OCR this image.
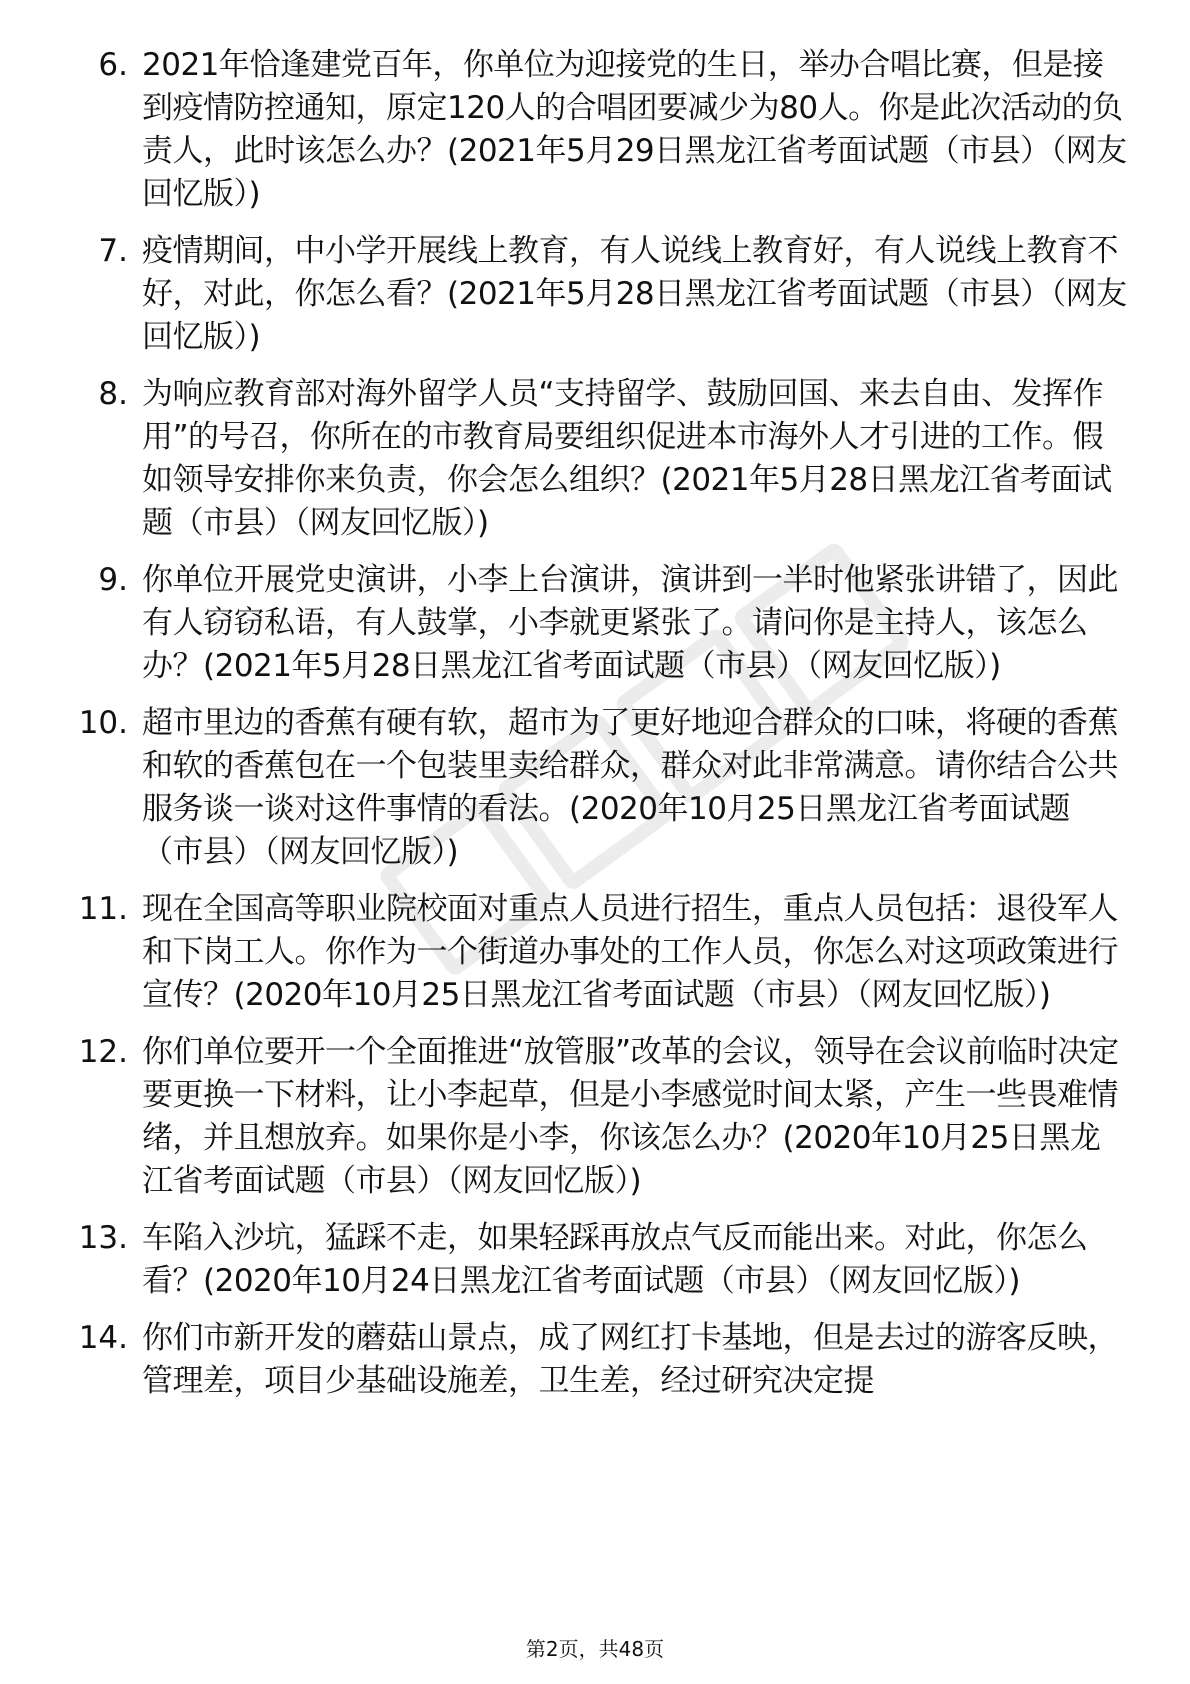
6. 2021年恰逢建党百年，你单位为迎接党的生日，举办合唱比赛，但是接到疫情防控通知，原定120人的合唱团要减少为80人。你是此次活动的负责人，此时该怎么办？(2021年5月29日黑龙江省考面试题（市县）（网友回忆版）)
7. 疫情期间，中小学开展线上教育，有人说线上教育好，有人说线上教育不好，对此，你怎么看？(2021年5月28日黑龙江省考面试题（市县）（网友回忆版）)
8. 为响应教育部对海外留学人员“支持留学、鼓励回国、来去自由、发挥作用”的号召，你所在的市教育局要组织促进本市海外人才引进的工作。假如领导安排你来负责，你会怎么组织？(2021年5月28日黑龙江省考面试题（市县）（网友回忆版）)
9. 你单位开展党史演讲，小李上台演讲，演讲到一半时他紧张讲错了，因此有人窃窃私语，有人鼓掌，小李就更紧张了。请问你是主持人，该怎么办？(2021年5月28日黑龙江省考面试题（市县）（网友回忆版）)
10. 超市里边的香蕉有硬有软，超市为了更好地迎合群众的口味，将硬的香蕉和软的香蕉包在一个包装里卖给群众，群众对此非常满意。请你结合公共服务谈一谈对这件事情的看法。(2020年10月25日黑龙江省考面试题（市县）（网友回忆版）)
11. 现在全国高等职业院校面对重点人员进行招生，重点人员包括：退役军人和下岗工人。你作为一个街道办事处的工作人员，你怎么对这项政策进行宣传？(2020年10月25日黑龙江省考面试题（市县）（网友回忆版）)
12. 你们单位要开一个全面推进“放管服”改革的会议，领导在会议前临时决定要更换一下材料，让小李起草，但是小李感觉时间太紧，产生一些畏难情绪，并且想放弃。如果你是小李，你该怎么办？(2020年10月25日黑龙江省考面试题（市县）（网友回忆版）)
13. 车陷入沙坑，猛踩不走，如果轻踩再放点气反而能出来。对此，你怎么看？(2020年10月24日黑龙江省考面试题（市县）（网友回忆版）)
14. 你们市新开发的蘑菇山景点，成了网红打卡基地，但是去过的游客反映，管理差，项目少基础设施差，卫生差，经过研究决定提
第2页，共48页
